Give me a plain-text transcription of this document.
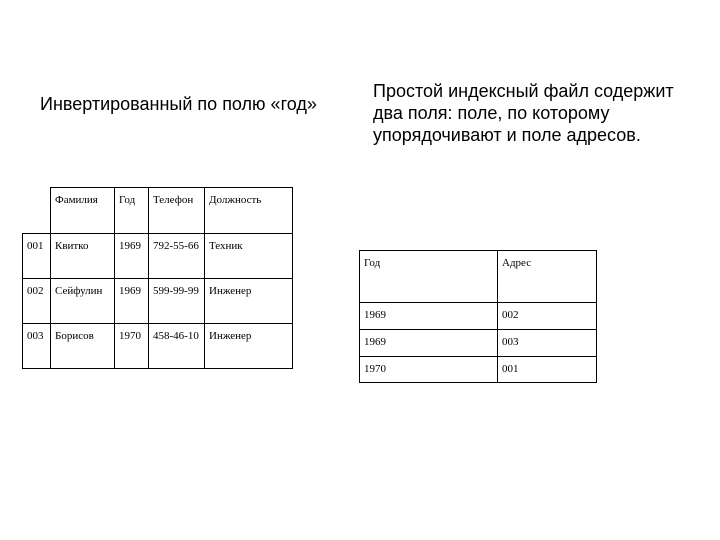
Инвертированный по полю «год»
Простой индексный файл содержит два поля: поле, по которому упорядочивают и поле адресов.
	Фамилия	Год	Телефон	Должность
001	Квитко	1969	792-55-66	Техник
002	Сейфулин	1969	599-99-99	Инженер
003	Борисов	1970	458-46-10	Инженер
Год	Адрес
1969	002
1969	003
1970	001
